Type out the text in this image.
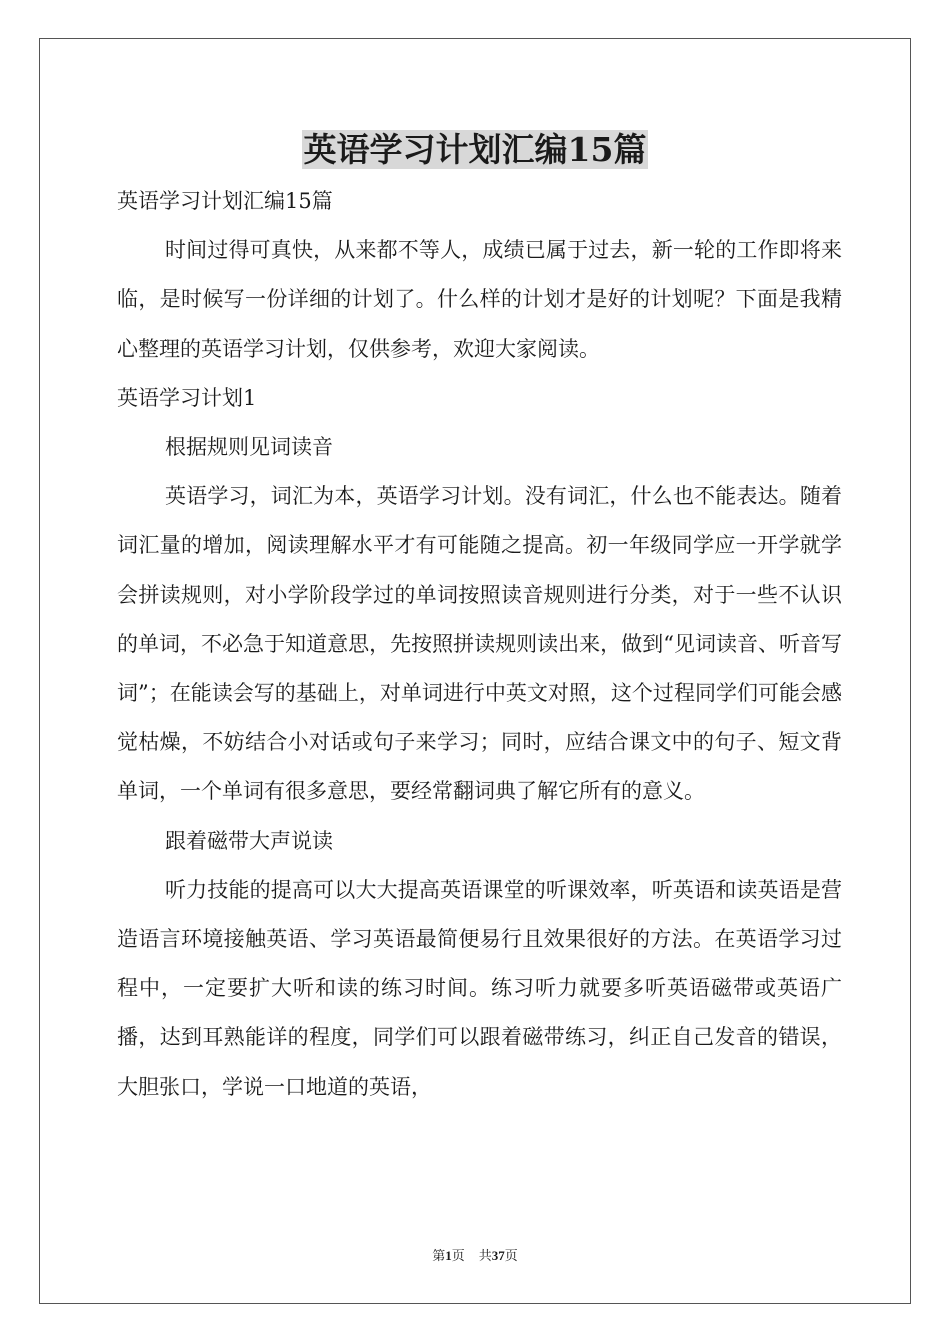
英语学习计划汇编15篇

英语学习计划汇编15篇

时间过得可真快，从来都不等人，成绩已属于过去，新一轮的工作即将来临，是时候写一份详细的计划了。什么样的计划才是好的计划呢？下面是我精心整理的英语学习计划，仅供参考，欢迎大家阅读。

英语学习计划1

根据规则见词读音

英语学习，词汇为本，英语学习计划。没有词汇，什么也不能表达。随着词汇量的增加，阅读理解水平才有可能随之提高。初一年级同学应一开学就学会拼读规则，对小学阶段学过的单词按照读音规则进行分类，对于一些不认识的单词，不必急于知道意思，先按照拼读规则读出来，做到“见词读音、听音写词”；在能读会写的基础上，对单词进行中英文对照，这个过程同学们可能会感觉枯燥，不妨结合小对话或句子来学习；同时，应结合课文中的句子、短文背单词，一个单词有很多意思，要经常翻词典了解它所有的意义。

跟着磁带大声说读

听力技能的提高可以大大提高英语课堂的听课效率，听英语和读英语是营造语言环境接触英语、学习英语最简便易行且效果很好的方法。在英语学习过程中，一定要扩大听和读的练习时间。练习听力就要多听英语磁带或英语广播，达到耳熟能详的程度，同学们可以跟着磁带练习，纠正自己发音的错误，大胆张口，学说一口地道的英语，

第1页 共37页
